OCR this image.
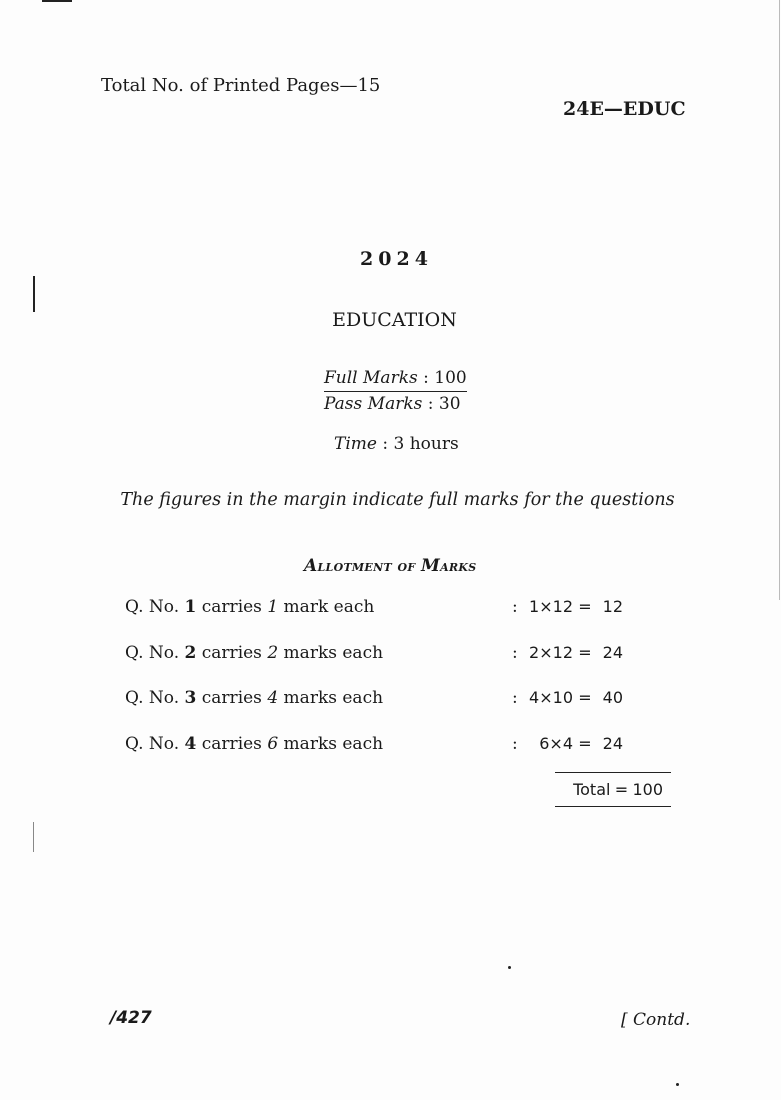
Total No. of Printed Pages—15
24E—EDUC
2024
EDUCATION
Full Marks : 100
Pass Marks : 30
Time : 3 hours
The figures in the margin indicate full marks for the questions
Allotment of Marks
Q. No. 1 carries 1 mark each	: 1×12 = 12
Q. No. 2 carries 2 marks each	: 2×12 = 24
Q. No. 3 carries 4 marks each	: 4×10 = 40
Q. No. 4 carries 6 marks each	: 6×4 = 24
Total = 100
/427	[ Contd.
